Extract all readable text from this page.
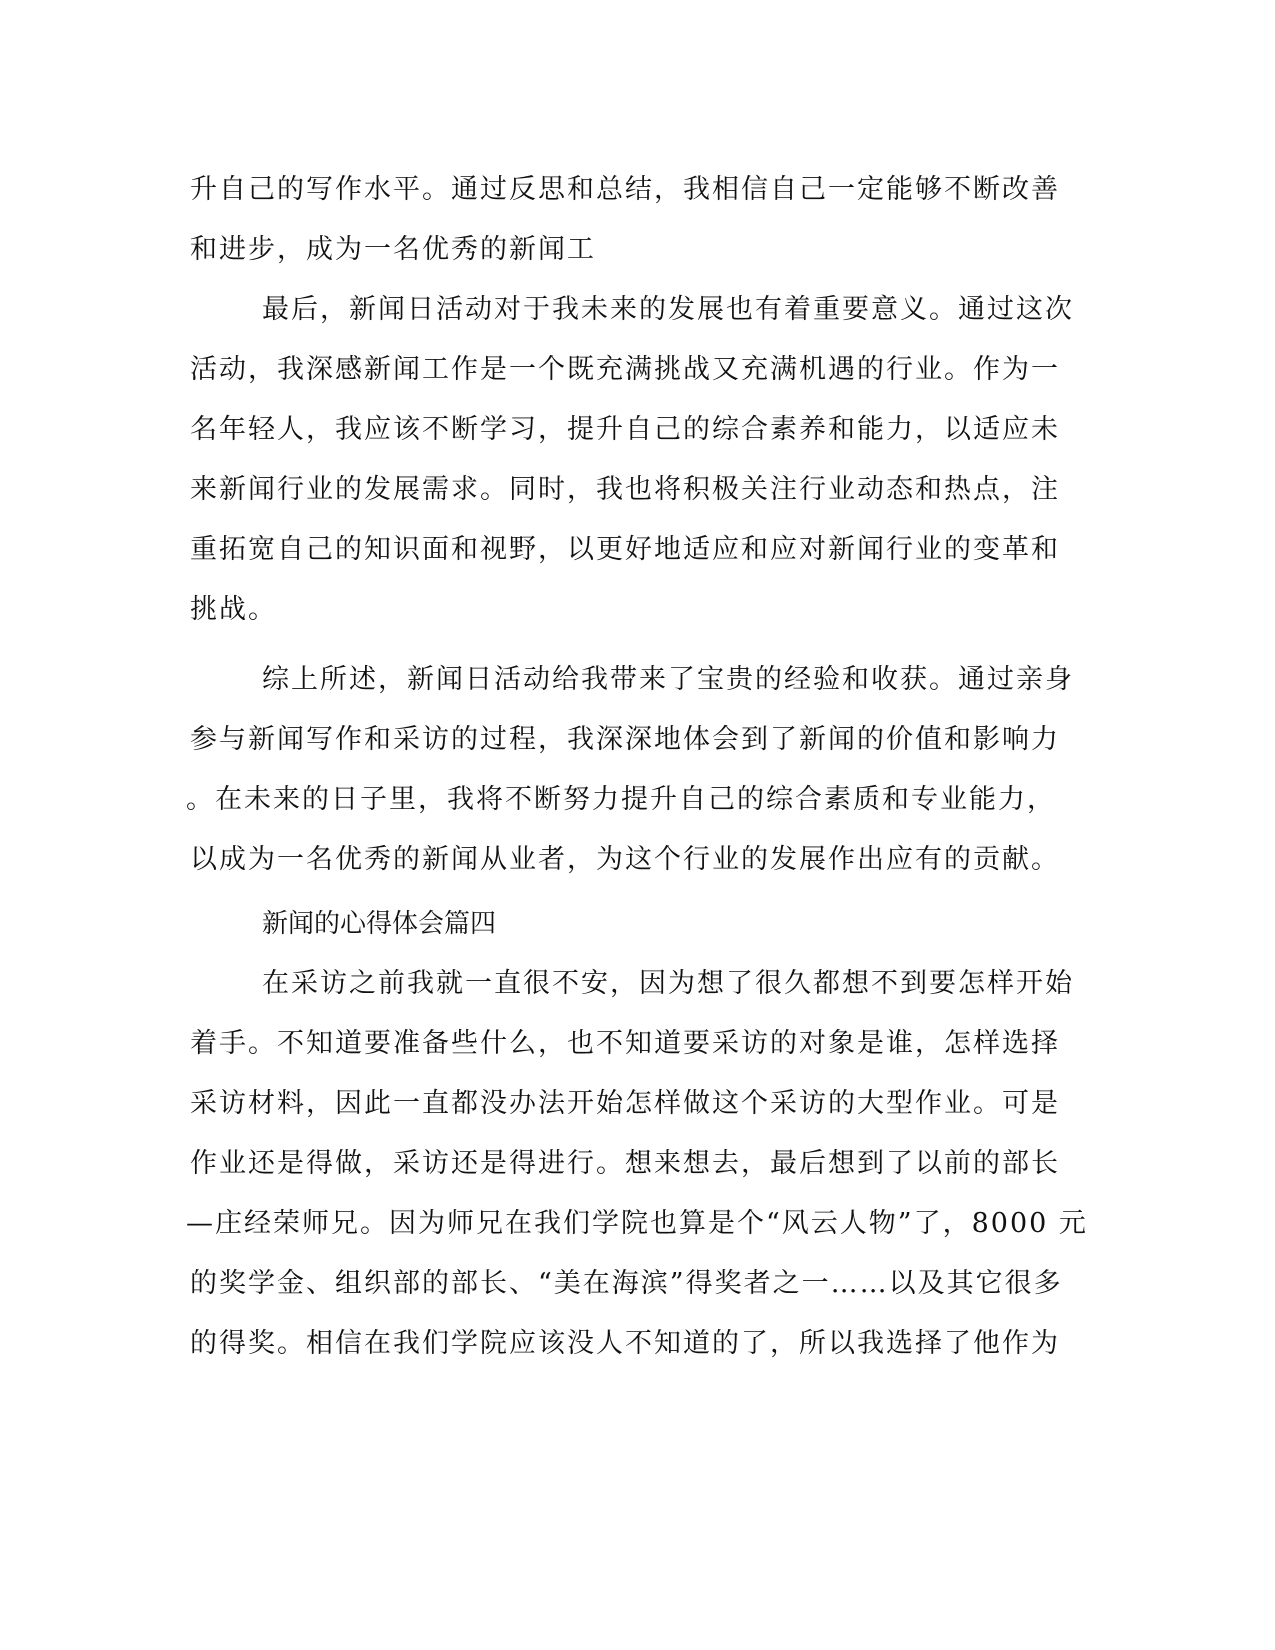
升自己的写作水平。通过反思和总结，我相信自己一定能够不断改善
和进步，成为一名优秀的新闻工
最后，新闻日活动对于我未来的发展也有着重要意义。通过这次
活动，我深感新闻工作是一个既充满挑战又充满机遇的行业。作为一
名年轻人，我应该不断学习，提升自己的综合素养和能力，以适应未
来新闻行业的发展需求。同时，我也将积极关注行业动态和热点，注
重拓宽自己的知识面和视野，以更好地适应和应对新闻行业的变革和
挑战。
综上所述，新闻日活动给我带来了宝贵的经验和收获。通过亲身
参与新闻写作和采访的过程，我深深地体会到了新闻的价值和影响力
。在未来的日子里，我将不断努力提升自己的综合素质和专业能力，
以成为一名优秀的新闻从业者，为这个行业的发展作出应有的贡献。
新闻的心得体会篇四
在采访之前我就一直很不安，因为想了很久都想不到要怎样开始
着手。不知道要准备些什么，也不知道要采访的对象是谁，怎样选择
采访材料，因此一直都没办法开始怎样做这个采访的大型作业。可是
作业还是得做，采访还是得进行。想来想去，最后想到了以前的部长
—庄经荣师兄。因为师兄在我们学院也算是个“风云人物”了，8000 元
的奖学金、组织部的部长、“美在海滨”得奖者之一……以及其它很多
的得奖。相信在我们学院应该没人不知道的了，所以我选择了他作为
